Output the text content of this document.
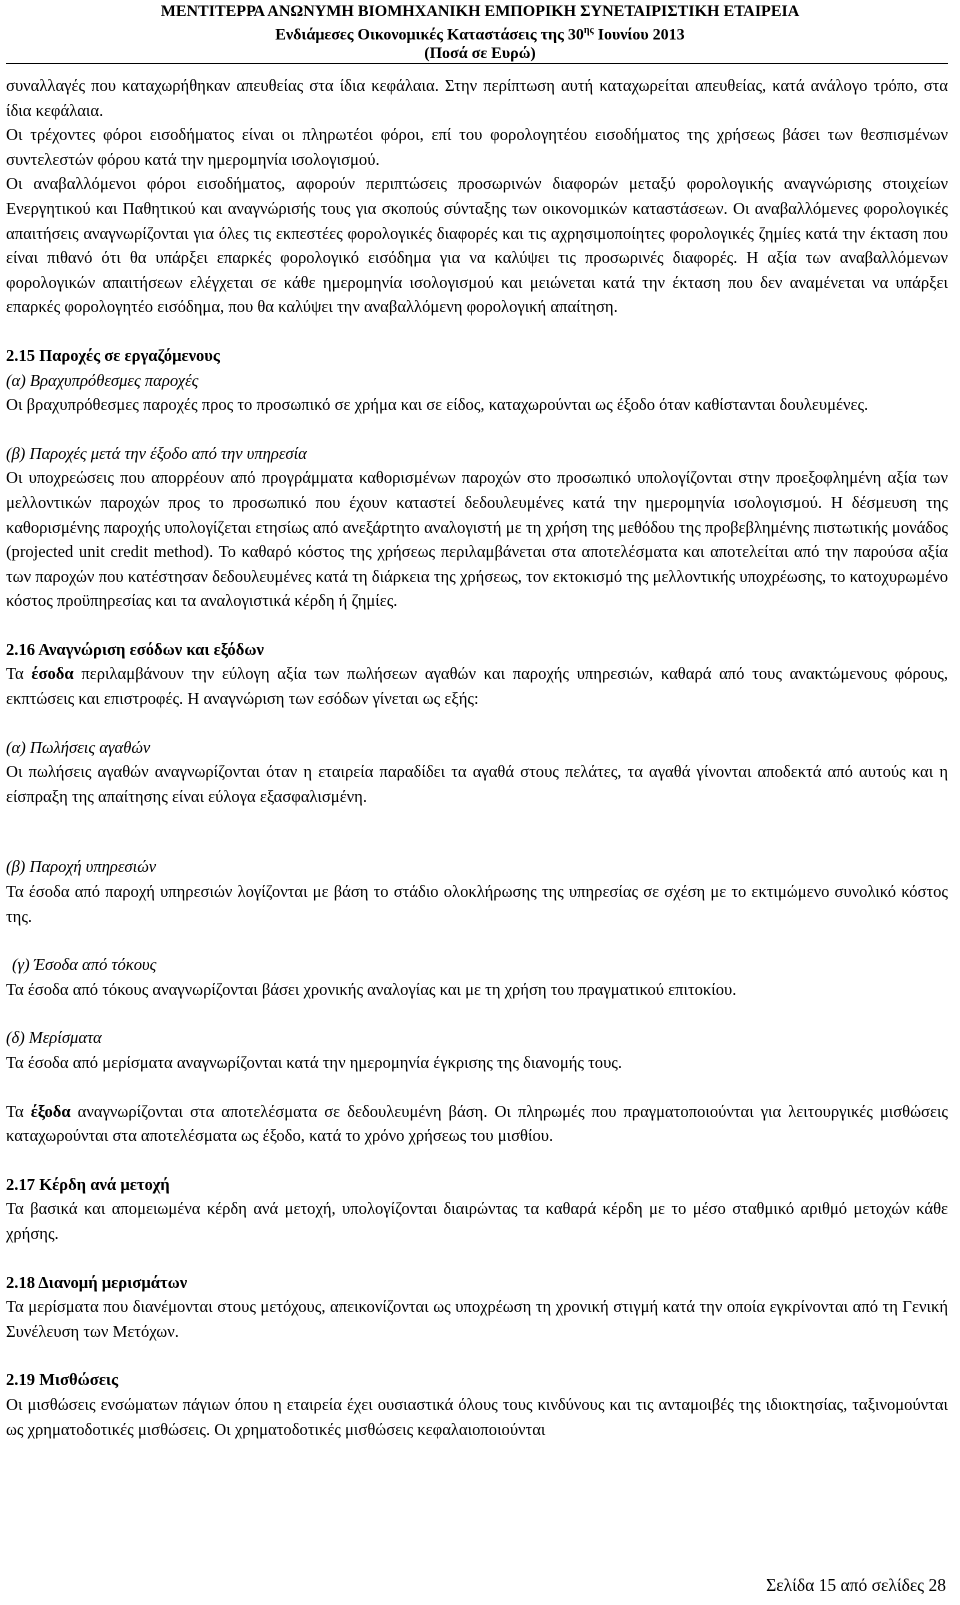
ΜΕΝΤΙΤΕΡΡΑ ΑΝΩΝΥΜΗ ΒΙΟΜΗΧΑΝΙΚΗ ΕΜΠΟΡΙΚΗ ΣΥΝΕΤΑΙΡΙΣΤΙΚΗ ΕΤΑΙΡΕΙΑ
Ενδιάμεσες Οικονομικές Καταστάσεις της $30^{\eta\varsigma}$ Ιουνίου 2013
(Ποσά σε Ευρώ)

συναλλαγές που καταχωρήθηκαν απευθείας στα ίδια κεφάλαια. Στην περίπτωση αυτή καταχωρείται απευθείας, κατά ανάλογο τρόπο, στα ίδια κεφάλαια.

Οι τρέχοντες φόροι εισοδήματος είναι οι πληρωτέοι φόροι, επί του φορολογητέου εισοδήματος της χρήσεως βάσει των θεσπισμένων συντελεστών φόρου κατά την ημερομηνία ισολογισμού.

Οι αναβαλλόμενοι φόροι εισοδήματος, αφορούν περιπτώσεις προσωρινών διαφορών μεταξύ φορολογικής αναγνώρισης στοιχείων Ενεργητικού και Παθητικού και αναγνώρισής τους για σκοπούς σύνταξης των οικονομικών καταστάσεων. Οι αναβαλλόμενες φορολογικές απαιτήσεις αναγνωρίζονται για όλες τις εκπεστέες φορολογικές διαφορές και τις αχρησιμοποίητες φορολογικές ζημίες κατά την έκταση που είναι πιθανό ότι θα υπάρξει επαρκές φορολογικό εισόδημα για να καλύψει τις προσωρινές διαφορές. Η αξία των αναβαλλόμενων φορολογικών απαιτήσεων ελέγχεται σε κάθε ημερομηνία ισολογισμού και μειώνεται κατά την έκταση που δεν αναμένεται να υπάρξει επαρκές φορολογητέο εισόδημα, που θα καλύψει την αναβαλλόμενη φορολογική απαίτηση.

2.15 Παροχές σε εργαζόμενους

(α) Βραχυπρόθεσμες παροχές

Οι βραχυπρόθεσμες παροχές προς το προσωπικό σε χρήμα και σε είδος, καταχωρούνται ως έξοδο όταν καθίστανται δουλευμένες.

(β) Παροχές μετά την έξοδο από την υπηρεσία

Οι υποχρεώσεις που απορρέουν από προγράμματα καθορισμένων παροχών στο προσωπικό υπολογίζονται στην προεξοφλημένη αξία των μελλοντικών παροχών προς το προσωπικό που έχουν καταστεί δεδουλευμένες κατά την ημερομηνία ισολογισμού. Η δέσμευση της καθορισμένης παροχής υπολογίζεται ετησίως από ανεξάρτητο αναλογιστή με τη χρήση της μεθόδου της προβεβλημένης πιστωτικής μονάδος (projected unit credit method). Το καθαρό κόστος της χρήσεως περιλαμβάνεται στα αποτελέσματα και αποτελείται από την παρούσα αξία των παροχών που κατέστησαν δεδουλευμένες κατά τη διάρκεια της χρήσεως, τον εκτοκισμό της μελλοντικής υποχρέωσης, το κατοχυρωμένο κόστος προϋπηρεσίας και τα αναλογιστικά κέρδη ή ζημίες.

2.16 Αναγνώριση εσόδων και εξόδων

Τα έσοδα περιλαμβάνουν την εύλογη αξία των πωλήσεων αγαθών και παροχής υπηρεσιών, καθαρά από τους ανακτώμενους φόρους, εκπτώσεις και επιστροφές. Η αναγνώριση των εσόδων γίνεται ως εξής:

(α) Πωλήσεις αγαθών

Οι πωλήσεις αγαθών αναγνωρίζονται όταν η εταιρεία παραδίδει τα αγαθά στους πελάτες, τα αγαθά γίνονται αποδεκτά από αυτούς και η είσπραξη της απαίτησης είναι εύλογα εξασφαλισμένη.

(β) Παροχή υπηρεσιών

Τα έσοδα από παροχή υπηρεσιών λογίζονται με βάση το στάδιο ολοκλήρωσης της υπηρεσίας σε σχέση με το εκτιμώμενο συνολικό κόστος της.

(γ) Έσοδα από τόκους

Τα έσοδα από τόκους αναγνωρίζονται βάσει χρονικής αναλογίας και με τη χρήση του πραγματικού επιτοκίου.

(δ) Μερίσματα

Τα έσοδα από μερίσματα αναγνωρίζονται κατά την ημερομηνία έγκρισης της διανομής τους.

Τα έξοδα αναγνωρίζονται στα αποτελέσματα σε δεδουλευμένη βάση. Οι πληρωμές που πραγματοποιούνται για λειτουργικές μισθώσεις καταχωρούνται στα αποτελέσματα ως έξοδο, κατά το χρόνο χρήσεως του μισθίου.

2.17 Κέρδη ανά μετοχή

Τα βασικά και απομειωμένα κέρδη ανά μετοχή, υπολογίζονται διαιρώντας τα καθαρά κέρδη με το μέσο σταθμικό αριθμό μετοχών κάθε χρήσης.

2.18 Διανομή μερισμάτων

Τα μερίσματα που διανέμονται στους μετόχους, απεικονίζονται ως υποχρέωση τη χρονική στιγμή κατά την οποία εγκρίνονται από τη Γενική Συνέλευση των Μετόχων.

2.19 Μισθώσεις

Οι μισθώσεις ενσώματων πάγιων όπου η εταιρεία έχει ουσιαστικά όλους τους κινδύνους και τις ανταμοιβές της ιδιοκτησίας, ταξινομούνται ως χρηματοδοτικές μισθώσεις. Οι χρηματοδοτικές μισθώσεις κεφαλαιοποιούνται

Σελίδα 15 από σελίδες 28
